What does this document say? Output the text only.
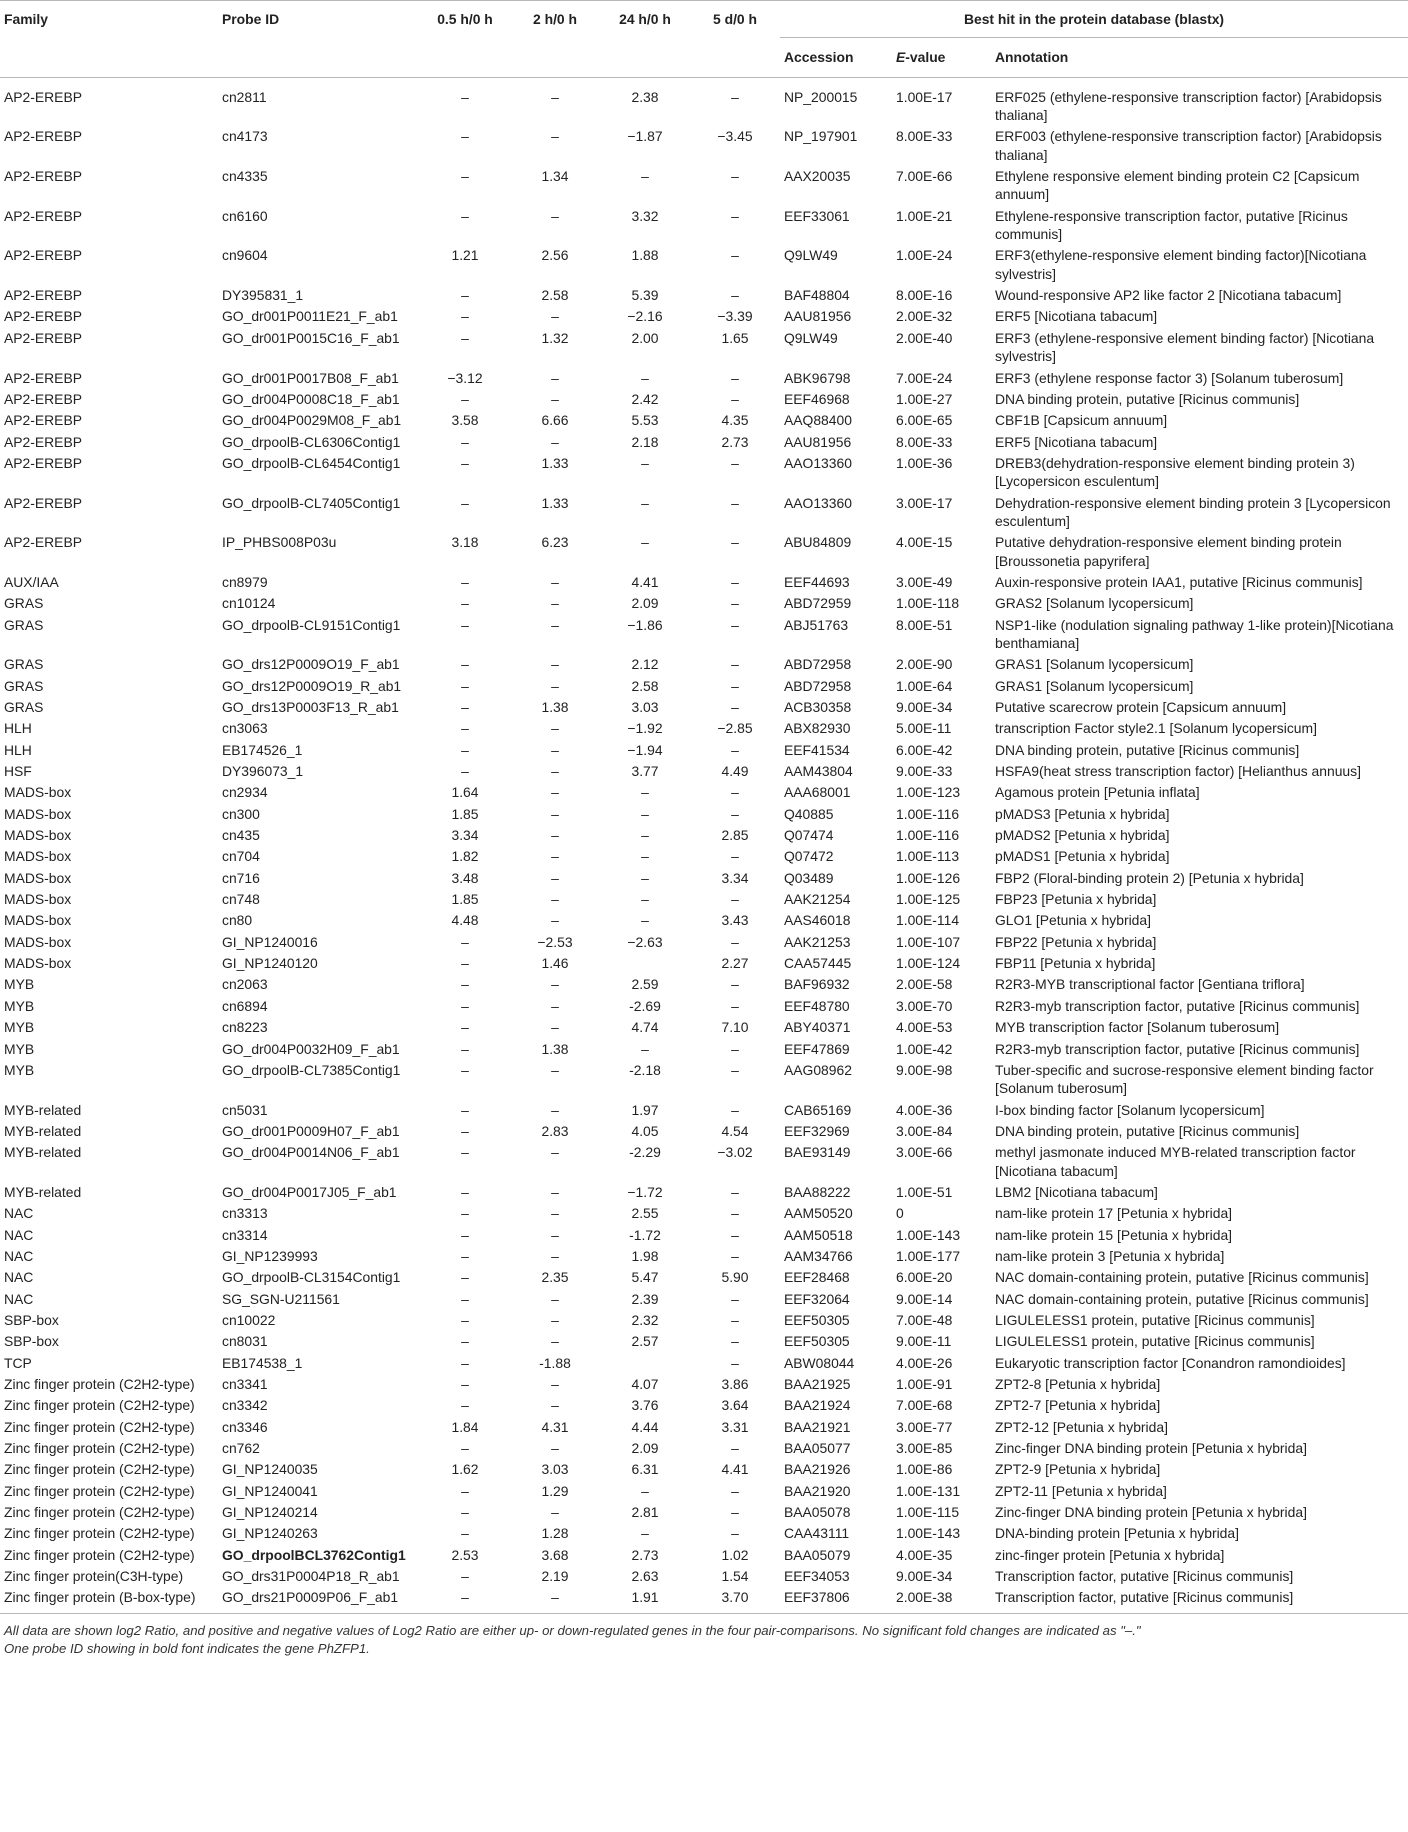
Family	Probe ID	0.5 h/0 h	2 h/0 h	24 h/0 h	5 d/0 h	Best hit in the protein database (blastx)		
						Accession	E-value	Annotation
AP2-EREBP	cn2811	–	–	2.38	–	NP_200015	1.00E-17	ERF025 (ethylene-responsive transcription factor) [Arabidopsis thaliana]
AP2-EREBP	cn4173	–	–	−1.87	−3.45	NP_197901	8.00E-33	ERF003 (ethylene-responsive transcription factor) [Arabidopsis thaliana]
AP2-EREBP	cn4335	–	1.34	–	–	AAX20035	7.00E-66	Ethylene responsive element binding protein C2 [Capsicum annuum]
AP2-EREBP	cn6160	–	–	3.32	–	EEF33061	1.00E-21	Ethylene-responsive transcription factor, putative [Ricinus communis]
AP2-EREBP	cn9604	1.21	2.56	1.88	–	Q9LW49	1.00E-24	ERF3(ethylene-responsive element binding factor)[Nicotiana sylvestris]
AP2-EREBP	DY395831_1	–	2.58	5.39	–	BAF48804	8.00E-16	Wound-responsive AP2 like factor 2 [Nicotiana tabacum]
AP2-EREBP	GO_dr001P0011E21_F_ab1	–	–	−2.16	−3.39	AAU81956	2.00E-32	ERF5 [Nicotiana tabacum]
AP2-EREBP	GO_dr001P0015C16_F_ab1	–	1.32	2.00	1.65	Q9LW49	2.00E-40	ERF3 (ethylene-responsive element binding factor) [Nicotiana sylvestris]
AP2-EREBP	GO_dr001P0017B08_F_ab1	−3.12	–	–	–	ABK96798	7.00E-24	ERF3 (ethylene response factor 3) [Solanum tuberosum]
AP2-EREBP	GO_dr004P0008C18_F_ab1	–	–	2.42	–	EEF46968	1.00E-27	DNA binding protein, putative [Ricinus communis]
AP2-EREBP	GO_dr004P0029M08_F_ab1	3.58	6.66	5.53	4.35	AAQ88400	6.00E-65	CBF1B [Capsicum annuum]
AP2-EREBP	GO_drpoolB-CL6306Contig1	–	–	2.18	2.73	AAU81956	8.00E-33	ERF5 [Nicotiana tabacum]
AP2-EREBP	GO_drpoolB-CL6454Contig1	–	1.33	–	–	AAO13360	1.00E-36	DREB3(dehydration-responsive element binding protein 3)[Lycopersicon esculentum]
AP2-EREBP	GO_drpoolB-CL7405Contig1	–	1.33	–	–	AAO13360	3.00E-17	Dehydration-responsive element binding protein 3 [Lycopersicon esculentum]
AP2-EREBP	IP_PHBS008P03u	3.18	6.23	–	–	ABU84809	4.00E-15	Putative dehydration-responsive element binding protein [Broussonetia papyrifera]
AUX/IAA	cn8979	–	–	4.41	–	EEF44693	3.00E-49	Auxin-responsive protein IAA1, putative [Ricinus communis]
GRAS	cn10124	–	–	2.09	–	ABD72959	1.00E-118	GRAS2 [Solanum lycopersicum]
GRAS	GO_drpoolB-CL9151Contig1	–	–	−1.86	–	ABJ51763	8.00E-51	NSP1-like (nodulation signaling pathway 1-like protein)[Nicotiana benthamiana]
GRAS	GO_drs12P0009O19_F_ab1	–	–	2.12	–	ABD72958	2.00E-90	GRAS1 [Solanum lycopersicum]
GRAS	GO_drs12P0009O19_R_ab1	–	–	2.58	–	ABD72958	1.00E-64	GRAS1 [Solanum lycopersicum]
GRAS	GO_drs13P0003F13_R_ab1	–	1.38	3.03	–	ACB30358	9.00E-34	Putative scarecrow protein [Capsicum annuum]
HLH	cn3063	–	–	−1.92	−2.85	ABX82930	5.00E-11	transcription Factor style2.1 [Solanum lycopersicum]
HLH	EB174526_1	–	–	−1.94	–	EEF41534	6.00E-42	DNA binding protein, putative [Ricinus communis]
HSF	DY396073_1	–	–	3.77	4.49	AAM43804	9.00E-33	HSFA9(heat stress transcription factor) [Helianthus annuus]
MADS-box	cn2934	1.64	–	–	–	AAA68001	1.00E-123	Agamous protein [Petunia inflata]
MADS-box	cn300	1.85	–	–	–	Q40885	1.00E-116	pMADS3 [Petunia x hybrida]
MADS-box	cn435	3.34	–	–	2.85	Q07474	1.00E-116	pMADS2 [Petunia x hybrida]
MADS-box	cn704	1.82	–	–	–	Q07472	1.00E-113	pMADS1 [Petunia x hybrida]
MADS-box	cn716	3.48	–	–	3.34	Q03489	1.00E-126	FBP2 (Floral-binding protein 2) [Petunia x hybrida]
MADS-box	cn748	1.85	–	–	–	AAK21254	1.00E-125	FBP23 [Petunia x hybrida]
MADS-box	cn80	4.48	–	–	3.43	AAS46018	1.00E-114	GLO1 [Petunia x hybrida]
MADS-box	GI_NP1240016	–	−2.53	−2.63	–	AAK21253	1.00E-107	FBP22 [Petunia x hybrida]
MADS-box	GI_NP1240120	–	1.46		2.27	CAA57445	1.00E-124	FBP11 [Petunia x hybrida]
MYB	cn2063	–	–	2.59	–	BAF96932	2.00E-58	R2R3-MYB transcriptional factor [Gentiana triflora]
MYB	cn6894	–	–	-2.69	–	EEF48780	3.00E-70	R2R3-myb transcription factor, putative [Ricinus communis]
MYB	cn8223	–	–	4.74	7.10	ABY40371	4.00E-53	MYB transcription factor [Solanum tuberosum]
MYB	GO_dr004P0032H09_F_ab1	–	1.38	–	–	EEF47869	1.00E-42	R2R3-myb transcription factor, putative [Ricinus communis]
MYB	GO_drpoolB-CL7385Contig1	–	–	-2.18	–	AAG08962	9.00E-98	Tuber-specific and sucrose-responsive element binding factor [Solanum tuberosum]
MYB-related	cn5031	–	–	1.97	–	CAB65169	4.00E-36	I-box binding factor [Solanum lycopersicum]
MYB-related	GO_dr001P0009H07_F_ab1	–	2.83	4.05	4.54	EEF32969	3.00E-84	DNA binding protein, putative [Ricinus communis]
MYB-related	GO_dr004P0014N06_F_ab1	–	–	-2.29	−3.02	BAE93149	3.00E-66	methyl jasmonate induced MYB-related transcription factor [Nicotiana tabacum]
MYB-related	GO_dr004P0017J05_F_ab1	–	–	−1.72	–	BAA88222	1.00E-51	LBM2 [Nicotiana tabacum]
NAC	cn3313	–	–	2.55	–	AAM50520	0	nam-like protein 17 [Petunia x hybrida]
NAC	cn3314	–	–	-1.72	–	AAM50518	1.00E-143	nam-like protein 15 [Petunia x hybrida]
NAC	GI_NP1239993	–	–	1.98	–	AAM34766	1.00E-177	nam-like protein 3 [Petunia x hybrida]
NAC	GO_drpoolB-CL3154Contig1	–	2.35	5.47	5.90	EEF28468	6.00E-20	NAC domain-containing protein, putative [Ricinus communis]
NAC	SG_SGN-U211561	–	–	2.39	–	EEF32064	9.00E-14	NAC domain-containing protein, putative [Ricinus communis]
SBP-box	cn10022	–	–	2.32	–	EEF50305	7.00E-48	LIGULELESS1 protein, putative [Ricinus communis]
SBP-box	cn8031	–	–	2.57	–	EEF50305	9.00E-11	LIGULELESS1 protein, putative [Ricinus communis]
TCP	EB174538_1	–	-1.88		–	ABW08044	4.00E-26	Eukaryotic transcription factor [Conandron ramondioides]
Zinc finger protein (C2H2-type)	cn3341	–	–	4.07	3.86	BAA21925	1.00E-91	ZPT2-8 [Petunia x hybrida]
Zinc finger protein (C2H2-type)	cn3342	–	–	3.76	3.64	BAA21924	7.00E-68	ZPT2-7 [Petunia x hybrida]
Zinc finger protein (C2H2-type)	cn3346	1.84	4.31	4.44	3.31	BAA21921	3.00E-77	ZPT2-12 [Petunia x hybrida]
Zinc finger protein (C2H2-type)	cn762	–	–	2.09	–	BAA05077	3.00E-85	Zinc-finger DNA binding protein [Petunia x hybrida]
Zinc finger protein (C2H2-type)	GI_NP1240035	1.62	3.03	6.31	4.41	BAA21926	1.00E-86	ZPT2-9 [Petunia x hybrida]
Zinc finger protein (C2H2-type)	GI_NP1240041	–	1.29	–	–	BAA21920	1.00E-131	ZPT2-11 [Petunia x hybrida]
Zinc finger protein (C2H2-type)	GI_NP1240214	–	–	2.81	–	BAA05078	1.00E-115	Zinc-finger DNA binding protein [Petunia x hybrida]
Zinc finger protein (C2H2-type)	GI_NP1240263	–	1.28	–	–	CAA43111	1.00E-143	DNA-binding protein [Petunia x hybrida]
Zinc finger protein (C2H2-type)	GO_drpoolBCL3762Contig1	2.53	3.68	2.73	1.02	BAA05079	4.00E-35	zinc-finger protein [Petunia x hybrida]
Zinc finger protein(C3H-type)	GO_drs31P0004P18_R_ab1	–	2.19	2.63	1.54	EEF34053	9.00E-34	Transcription factor, putative [Ricinus communis]
Zinc finger protein (B-box-type)	GO_drs21P0009P06_F_ab1	–	–	1.91	3.70	EEF37806	2.00E-38	Transcription factor, putative [Ricinus communis]
All data are shown log2 Ratio, and positive and negative values of Log2 Ratio are either up- or down-regulated genes in the four pair-comparisons. No significant fold changes are indicated as "–." One probe ID showing in bold font indicates the gene PhZFP1.
